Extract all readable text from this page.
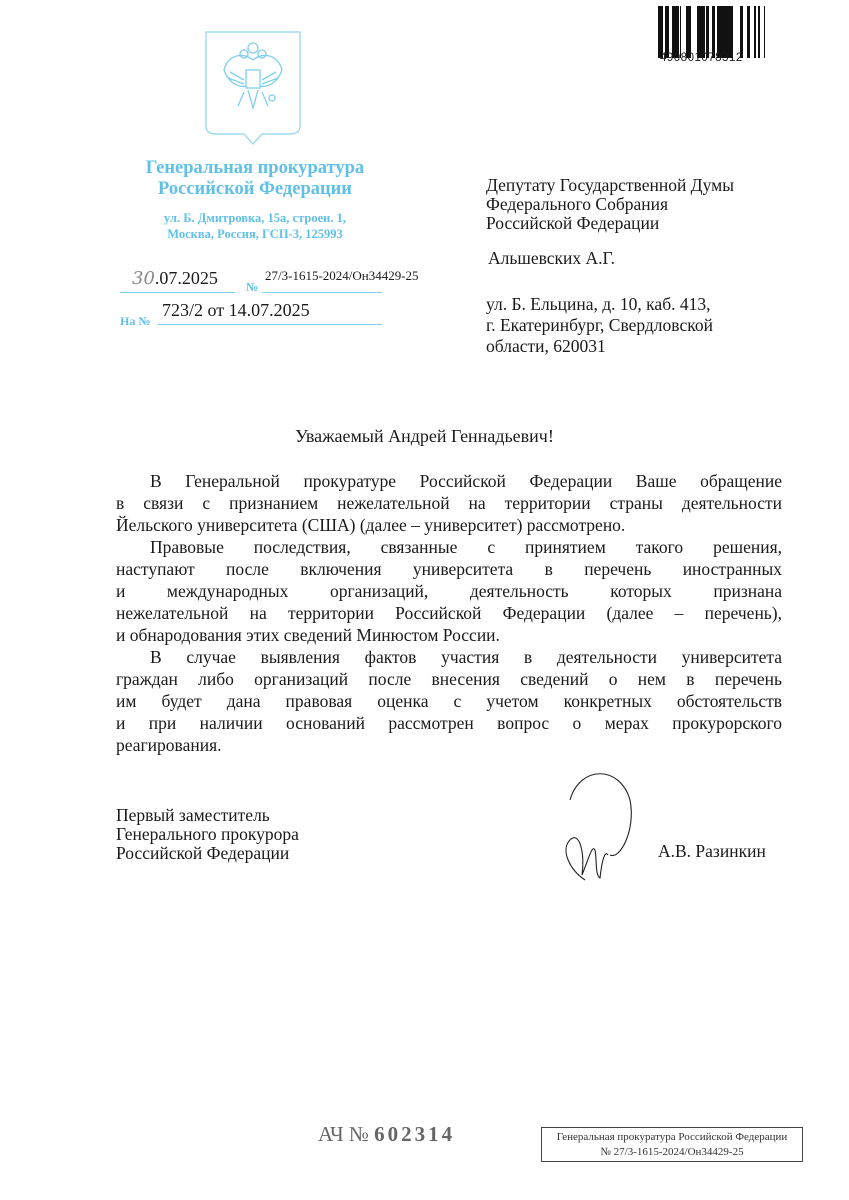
Генеральная прокуратура
Российской Федерации
ул. Б. Дмитровка, 15а, строен. 1,
Москва, Россия, ГСП-3, 125993
30.07.2025 №
27/3-1615-2024/Он34429-25
На №
723/2 от 14.07.2025
490801078312
Депутату Государственной Думы
Федерального Собрания
Российской Федерации
Альшевских А.Г.
ул. Б. Ельцина, д. 10, каб. 413,
г. Екатеринбург, Свердловской
области, 620031
Уважаемый Андрей Геннадьевич!
В Генеральной прокуратуре Российской Федерации Ваше обращение
в связи с признанием нежелательной на территории страны деятельности
Йельского университета (США) (далее – университет) рассмотрено.
Правовые последствия, связанные с принятием такого решения,
наступают после включения университета в перечень иностранных
и международных организаций, деятельность которых признана
нежелательной на территории Российской Федерации (далее – перечень),
и обнародования этих сведений Минюстом России.
В случае выявления фактов участия в деятельности университета
граждан либо организаций после внесения сведений о нем в перечень
им будет дана правовая оценка с учетом конкретных обстоятельств
и при наличии оснований рассмотрен вопрос о мерах прокурорского
реагирования.
Первый заместитель
Генерального прокурора
Российской Федерации	А.В. Разинкин
АЧ № 602314	Генеральная прокуратура Российской Федерации
№ 27/3-1615-2024/Он34429-25
